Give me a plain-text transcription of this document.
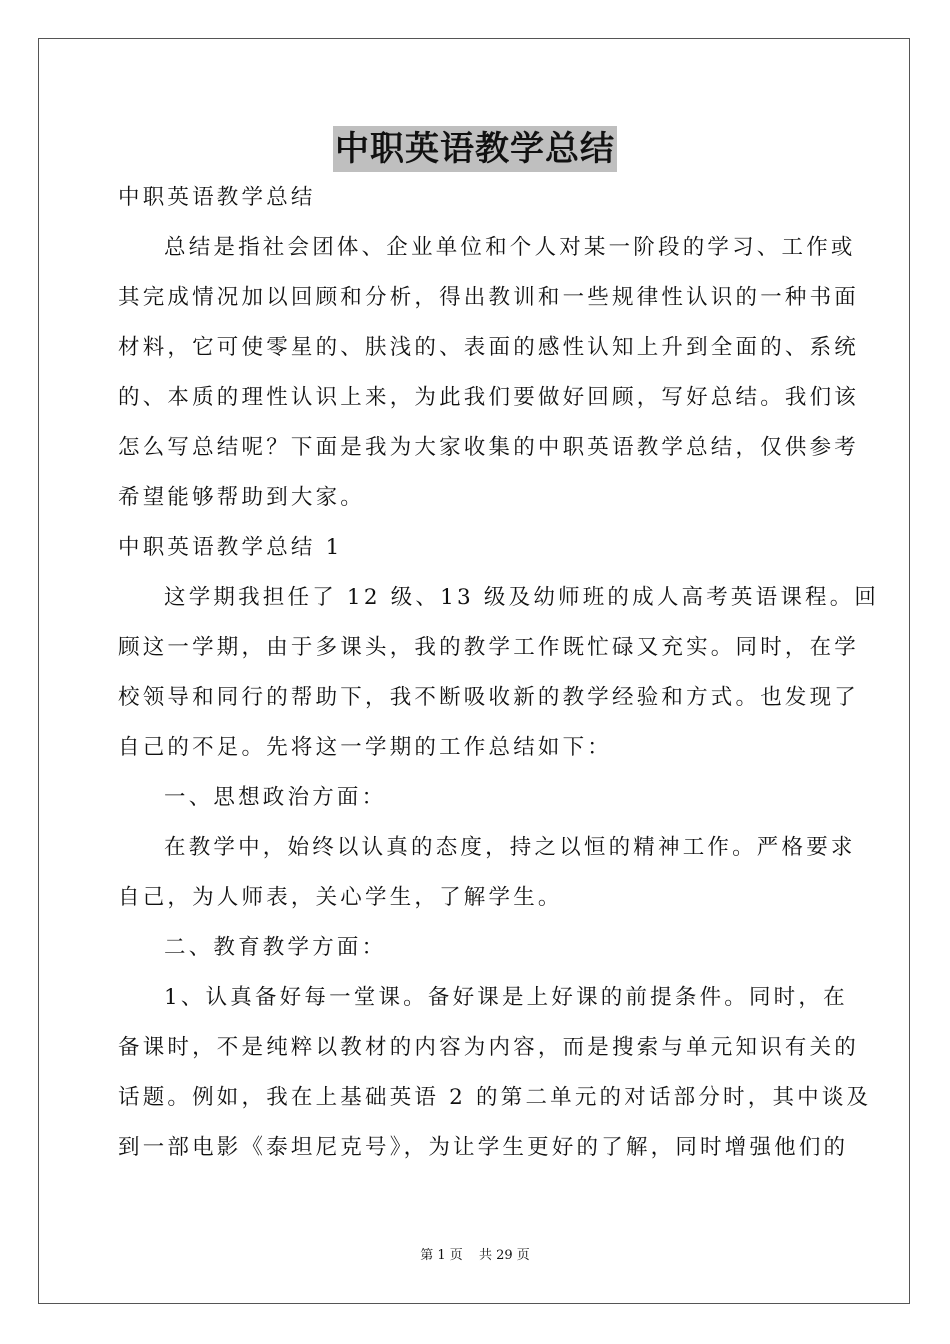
中职英语教学总结
中职英语教学总结
总结是指社会团体、企业单位和个人对某一阶段的学习、工作或
其完成情况加以回顾和分析，得出教训和一些规律性认识的一种书面
材料，它可使零星的、肤浅的、表面的感性认知上升到全面的、系统
的、本质的理性认识上来，为此我们要做好回顾，写好总结。我们该
怎么写总结呢？下面是我为大家收集的中职英语教学总结，仅供参考
希望能够帮助到大家。
中职英语教学总结 1
这学期我担任了 12 级、13 级及幼师班的成人高考英语课程。回
顾这一学期，由于多课头，我的教学工作既忙碌又充实。同时，在学
校领导和同行的帮助下，我不断吸收新的教学经验和方式。也发现了
自己的不足。先将这一学期的工作总结如下：
一、思想政治方面：
在教学中，始终以认真的态度，持之以恒的精神工作。严格要求
自己，为人师表，关心学生，了解学生。
二、教育教学方面：
1、认真备好每一堂课。备好课是上好课的前提条件。同时，在
备课时，不是纯粹以教材的内容为内容，而是搜索与单元知识有关的
话题。例如，我在上基础英语 2 的第二单元的对话部分时，其中谈及
到一部电影《泰坦尼克号》，为让学生更好的了解，同时增强他们的
第 1 页 共 29 页
